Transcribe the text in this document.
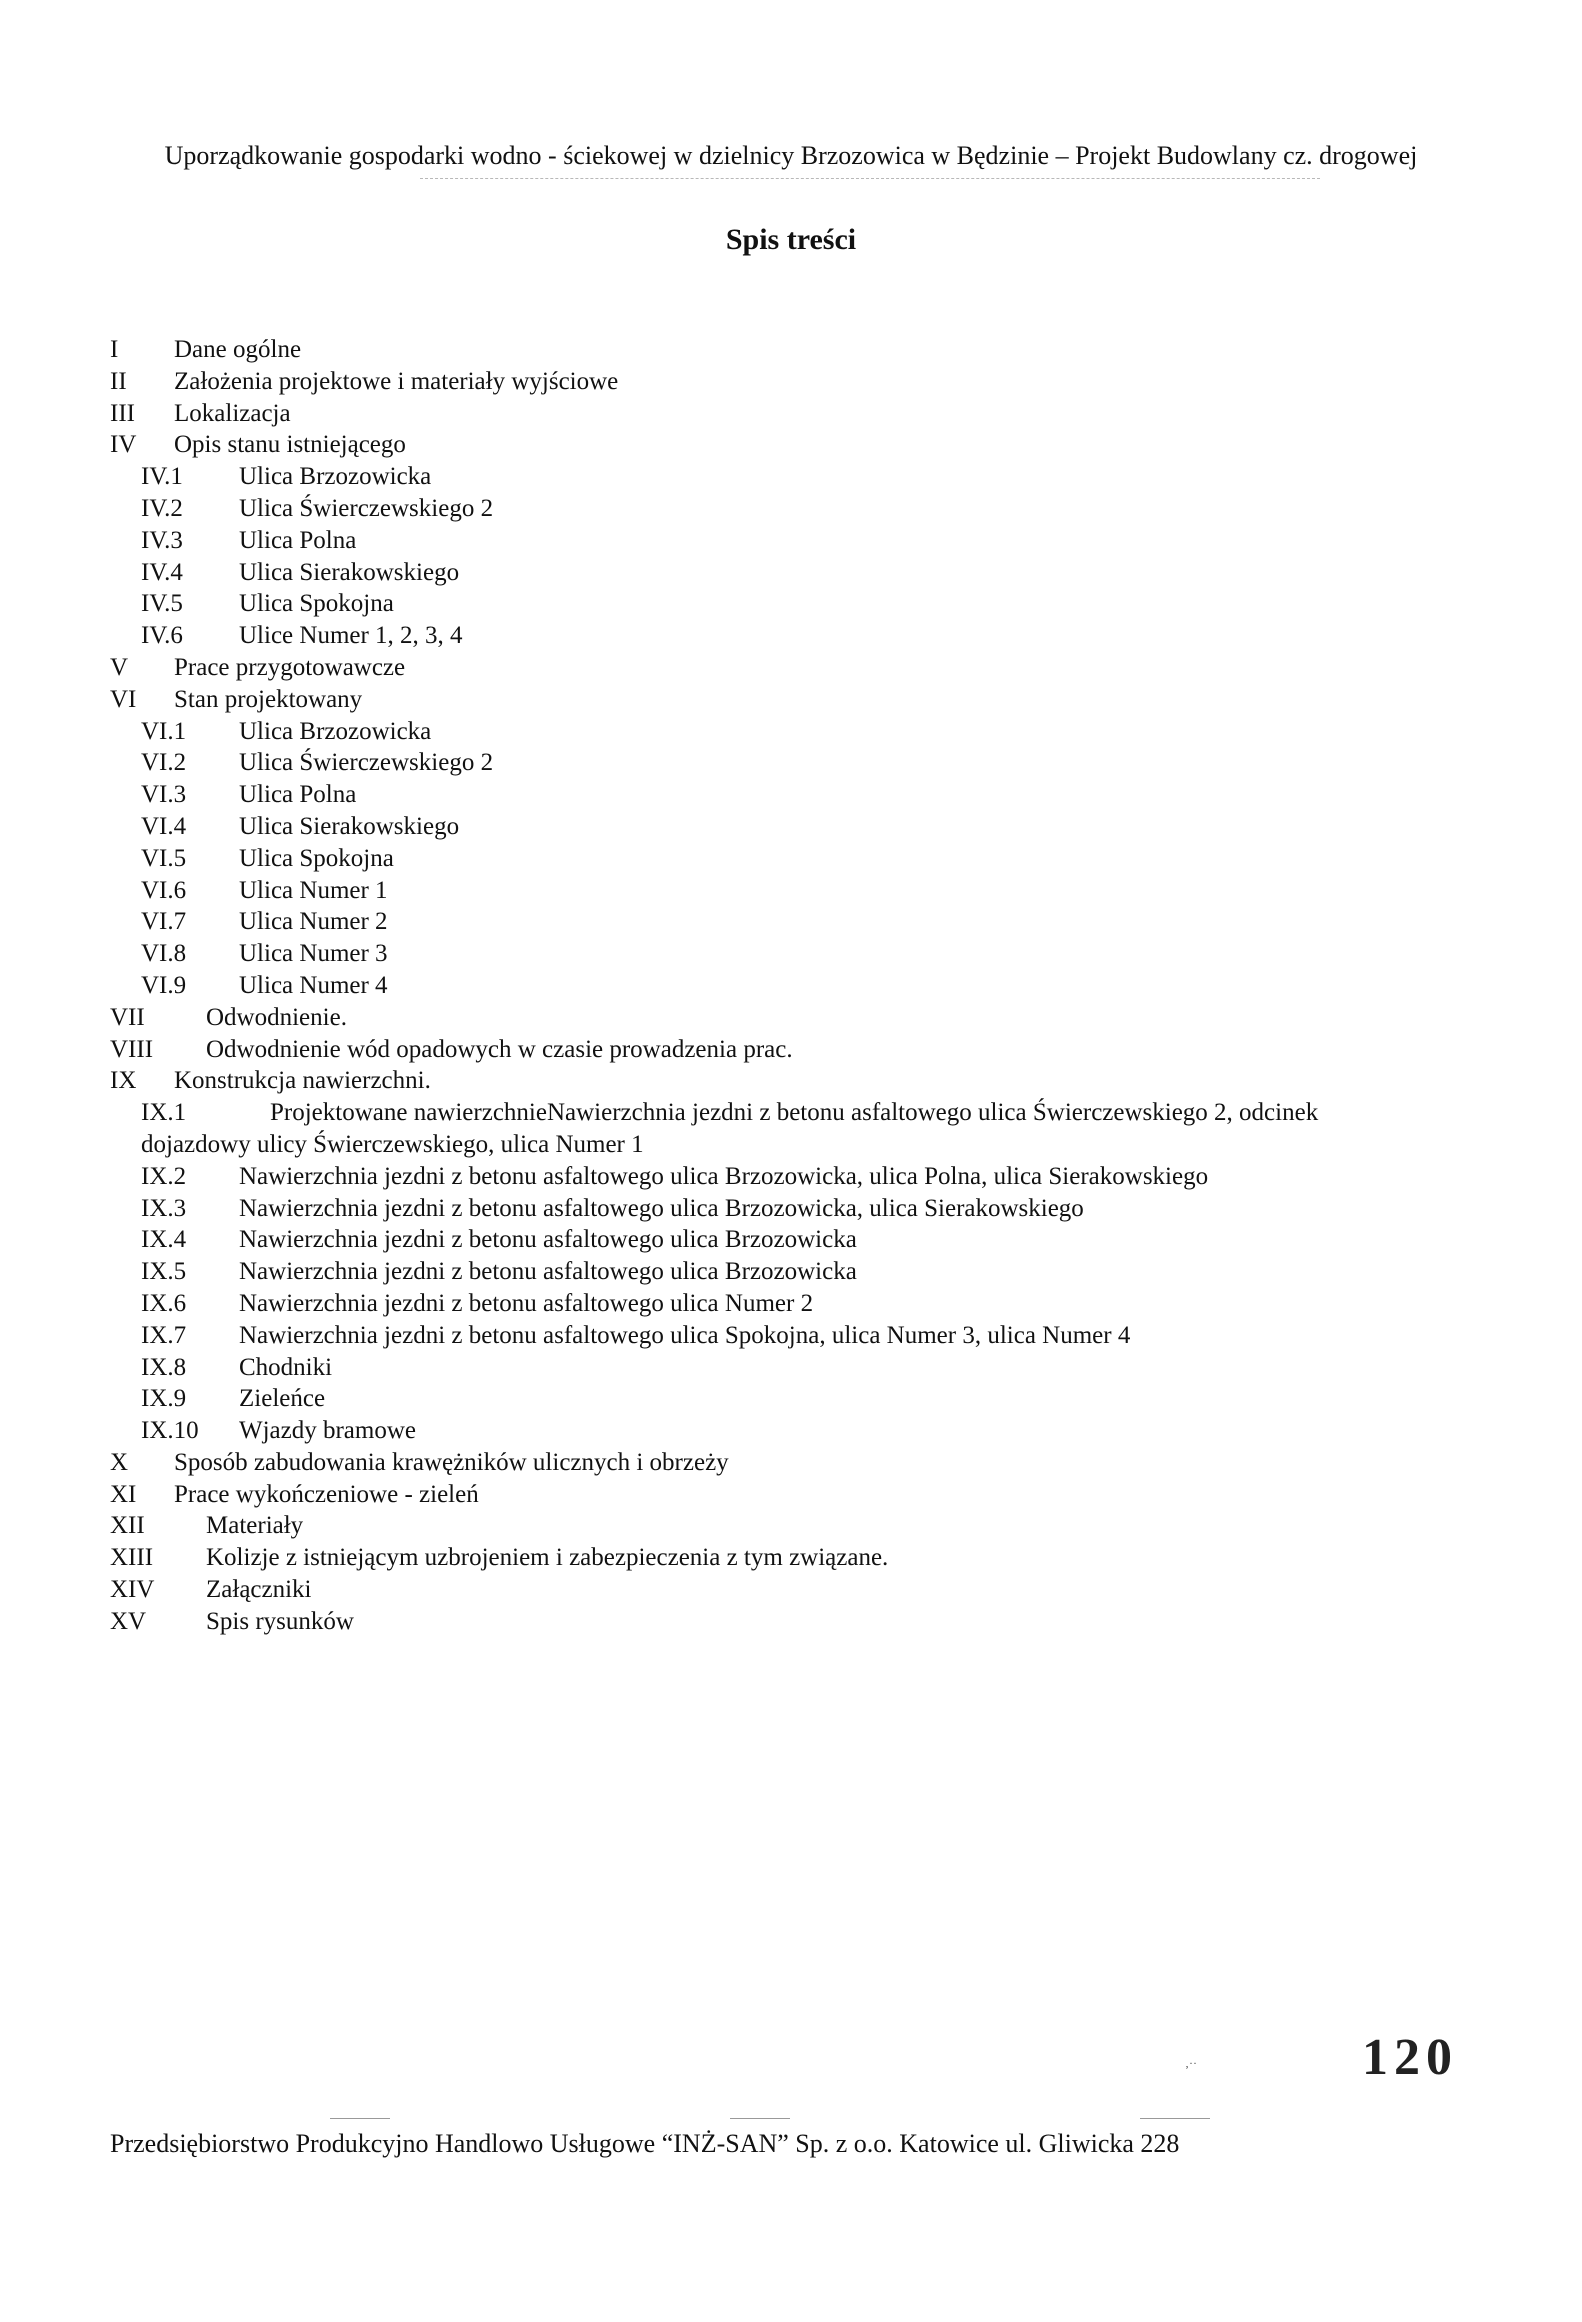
Uporządkowanie gospodarki wodno - ściekowej w dzielnicy Brzozowica w Będzinie – Projekt Budowlany cz. drogowej
Spis treści
I	Dane ogólne
II	Założenia projektowe i materiały wyjściowe
III	Lokalizacja
IV	Opis stanu istniejącego
IV.1	Ulica Brzozowicka
IV.2	Ulica Świerczewskiego 2
IV.3	Ulica Polna
IV.4	Ulica Sierakowskiego
IV.5	Ulica Spokojna
IV.6	Ulice Numer 1, 2, 3, 4
V	Prace przygotowawcze
VI	Stan projektowany
VI.1	Ulica Brzozowicka
VI.2	Ulica Świerczewskiego 2
VI.3	Ulica Polna
VI.4	Ulica Sierakowskiego
VI.5	Ulica Spokojna
VI.6	Ulica Numer 1
VI.7	Ulica Numer 2
VI.8	Ulica Numer 3
VI.9	Ulica Numer 4
VII	Odwodnienie.
VIII	Odwodnienie wód opadowych w czasie prowadzenia prac.
IX	Konstrukcja nawierzchni.
IX.1	Projektowane nawierzchnieNawierzchnia jezdni z betonu asfaltowego ulica Świerczewskiego 2, odcinek dojazdowy ulicy Świerczewskiego, ulica Numer 1
IX.2	Nawierzchnia jezdni z betonu asfaltowego ulica Brzozowicka, ulica Polna, ulica Sierakowskiego
IX.3	Nawierzchnia jezdni z betonu asfaltowego ulica Brzozowicka, ulica Sierakowskiego
IX.4	Nawierzchnia jezdni z betonu asfaltowego ulica Brzozowicka
IX.5	Nawierzchnia jezdni z betonu asfaltowego ulica Brzozowicka
IX.6	Nawierzchnia jezdni z betonu asfaltowego ulica Numer 2
IX.7	Nawierzchnia jezdni z betonu asfaltowego ulica Spokojna, ulica Numer 3, ulica Numer 4
IX.8	Chodniki
IX.9	Zieleńce
IX.10	Wjazdy bramowe
X	Sposób zabudowania krawężników ulicznych i obrzeży
XI	Prace wykończeniowe - zieleń
XII	Materiały
XIII	Kolizje z istniejącym uzbrojeniem i zabezpieczenia z tym związane.
XIV	Załączniki
XV	Spis rysunków
‚··	120
Przedsiębiorstwo Produkcyjno Handlowo Usługowe “INŻ-SAN” Sp. z o.o. Katowice ul. Gliwicka 228
